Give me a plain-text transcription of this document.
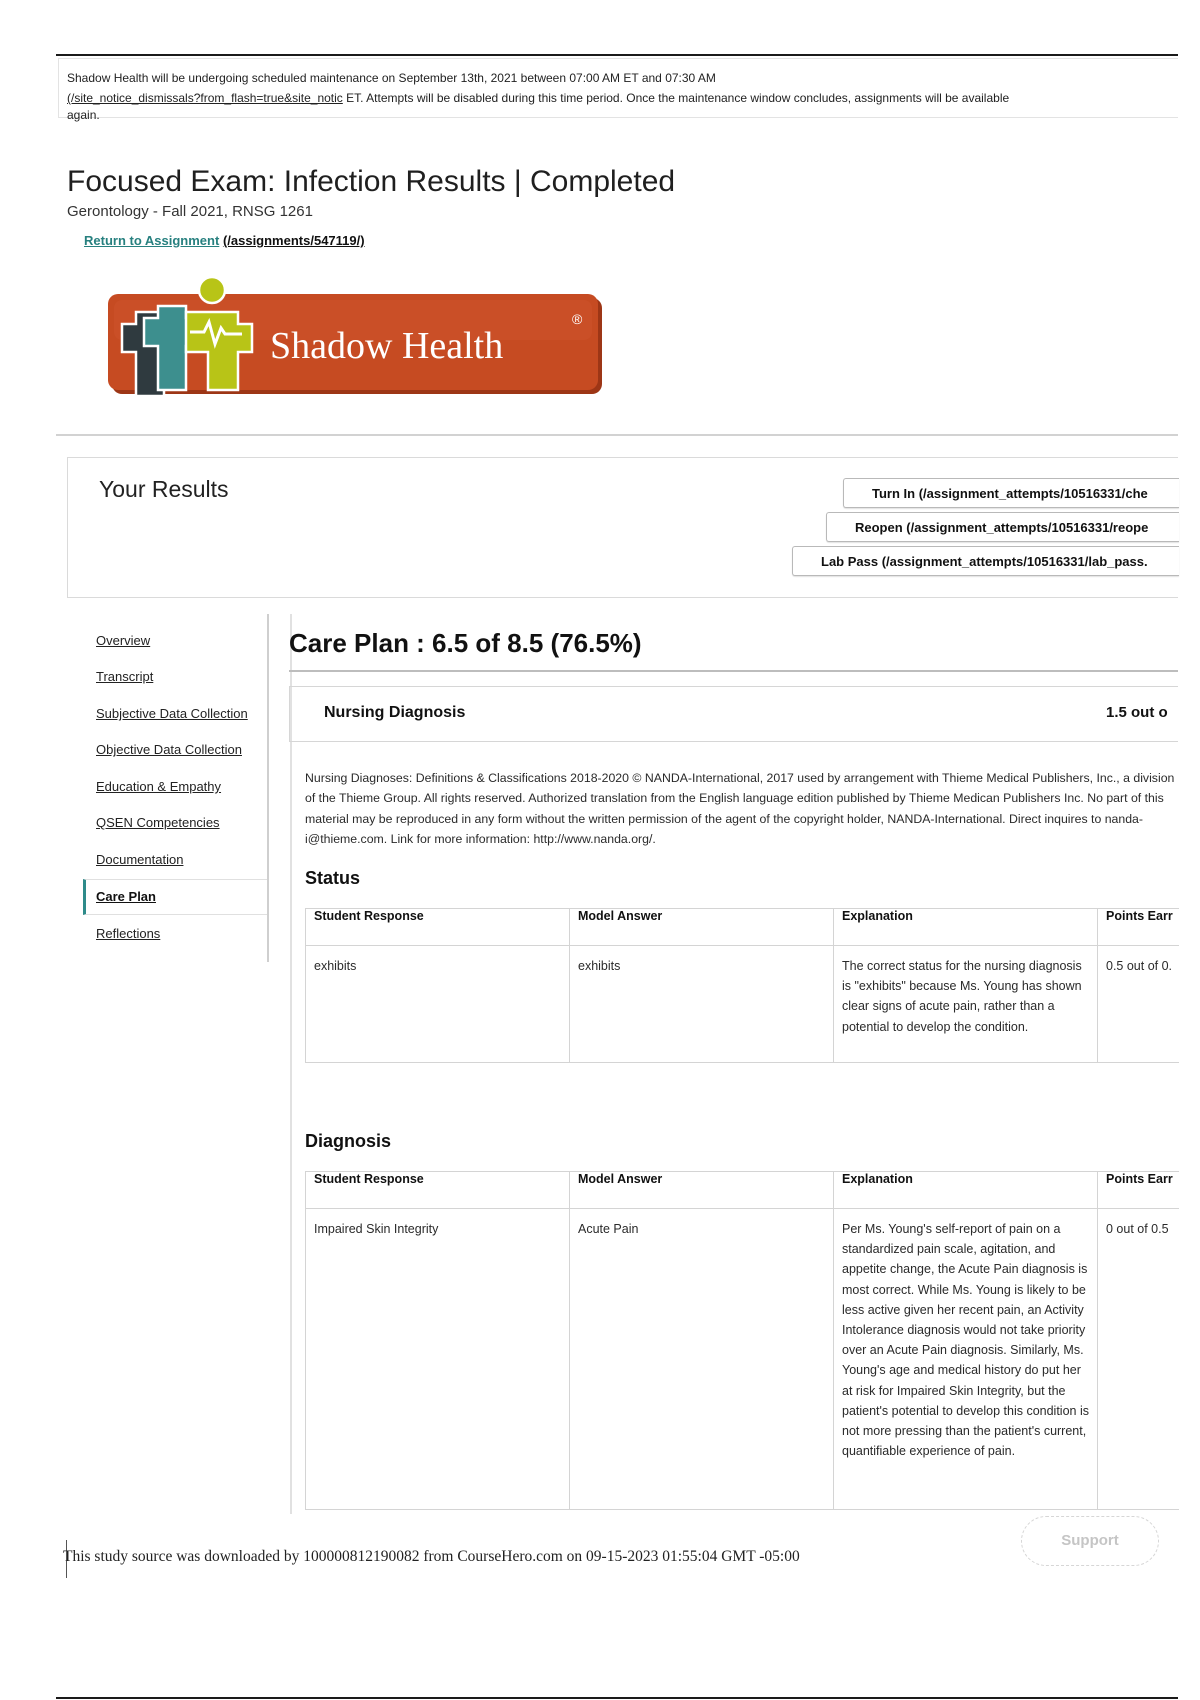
Shadow Health will be undergoing scheduled maintenance on September 13th, 2021 between 07:00 AM ET and 07:30 AM
(/site_notice_dismissals?from_flash=true&site_notic ET. Attempts will be disabled during this time period. Once the maintenance window concludes, assignments will be available
again.
Focused Exam: Infection Results | Completed
Gerontology - Fall 2021, RNSG 1261
Return to Assignment (/assignments/547119/)
Shadow Health
®
Your Results	Turn In (/assignment_attempts/10516331/che
Reopen (/assignment_attempts/10516331/reope
Lab Pass (/assignment_attempts/10516331/lab_pass.
Overview
Transcript
Subjective Data Collection
Objective Data Collection
Education & Empathy
QSEN Competencies
Documentation
Care Plan
Reflections
Care Plan : 6.5 of 8.5 (76.5%)
Nursing Diagnosis	1.5 out o
Nursing Diagnoses: Definitions & Classifications 2018-2020 © NANDA-International, 2017 used by arrangement with Thieme Medical Publishers, Inc., a division of the Thieme Group. All rights reserved. Authorized translation from the English language edition published by Thieme Medican Publishers Inc. No part of this material may be reproduced in any form without the written permission of the agent of the copyright holder, NANDA-International. Direct inquires to nanda-i@thieme.com. Link for more information: http://www.nanda.org/.
Status
Student Response	Model Answer	Explanation	Points Earr
exhibits	exhibits	The correct status for the nursing diagnosis is "exhibits" because Ms. Young has shown clear signs of acute pain, rather than a potential to develop the condition.	0.5 out of 0.
Diagnosis
Student Response	Model Answer	Explanation	Points Earr
Impaired Skin Integrity	Acute Pain	Per Ms. Young's self-report of pain on a standardized pain scale, agitation, and appetite change, the Acute Pain diagnosis is most correct. While Ms. Young is likely to be less active given her recent pain, an Activity Intolerance diagnosis would not take priority over an Acute Pain diagnosis. Similarly, Ms. Young's age and medical history do put her at risk for Impaired Skin Integrity, but the patient's potential to develop this condition is not more pressing than the patient's current, quantifiable experience of pain.	0 out of 0.5
This study source was downloaded by 100000812190082 from CourseHero.com on 09-15-2023 01:55:04 GMT -05:00
Support
